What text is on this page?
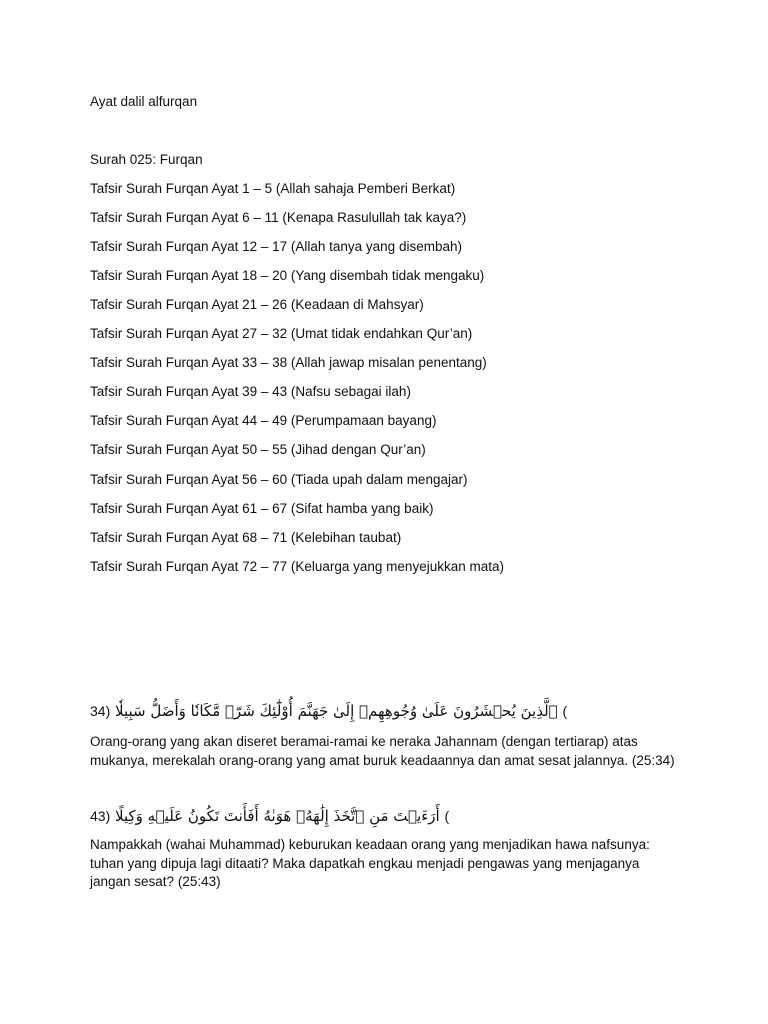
Ayat dalil alfurqan
Surah 025: Furqan
Tafsir Surah Furqan Ayat 1 – 5 (Allah sahaja Pemberi Berkat)
Tafsir Surah Furqan Ayat 6 – 11 (Kenapa Rasulullah tak kaya?)
Tafsir Surah Furqan Ayat 12 – 17 (Allah tanya yang disembah)
Tafsir Surah Furqan Ayat 18 – 20 (Yang disembah tidak mengaku)
Tafsir Surah Furqan Ayat 21 – 26 (Keadaan di Mahsyar)
Tafsir Surah Furqan Ayat 27 – 32 (Umat tidak endahkan Qur’an)
Tafsir Surah Furqan Ayat 33 – 38 (Allah jawap misalan penentang)
Tafsir Surah Furqan Ayat 39 – 43 (Nafsu sebagai ilah)
Tafsir Surah Furqan Ayat 44 – 49 (Perumpamaan bayang)
Tafsir Surah Furqan Ayat 50 – 55 (Jihad dengan Qur’an)
Tafsir Surah Furqan Ayat 56 – 60 (Tiada upah dalam mengajar)
Tafsir Surah Furqan Ayat 61 – 67 (Sifat hamba yang baik)
Tafsir Surah Furqan Ayat 68 – 71 (Kelebihan taubat)
Tafsir Surah Furqan Ayat 72 – 77 (Keluarga yang menyejukkan mata)
34) ٱلَّذِينَ يُحۡشَرُونَ عَلَىٰ وُجُوهِهِمۡ إِلَىٰ جَهَنَّمَ أُوْلَٰٓئِكَ شَرّٞ مَّكَانٗا وَأَضَلُّ سَبِيلٗا (
Orang-orang yang akan diseret beramai-ramai ke neraka Jahannam (dengan tertiarap) atas mukanya, merekalah orang-orang yang amat buruk keadaannya dan amat sesat jalannya. (25:34)
43) أَرَءَيۡتَ مَنِ ٱتَّخَذَ إِلَٰهَهُۥ هَوَىٰهُ أَفَأَنتَ تَكُونُ عَلَيۡهِ وَكِيلًا (
Nampakkah (wahai Muhammad) keburukan keadaan orang yang menjadikan hawa nafsunya: tuhan yang dipuja lagi ditaati? Maka dapatkah engkau menjadi pengawas yang menjaganya jangan sesat? (25:43)
